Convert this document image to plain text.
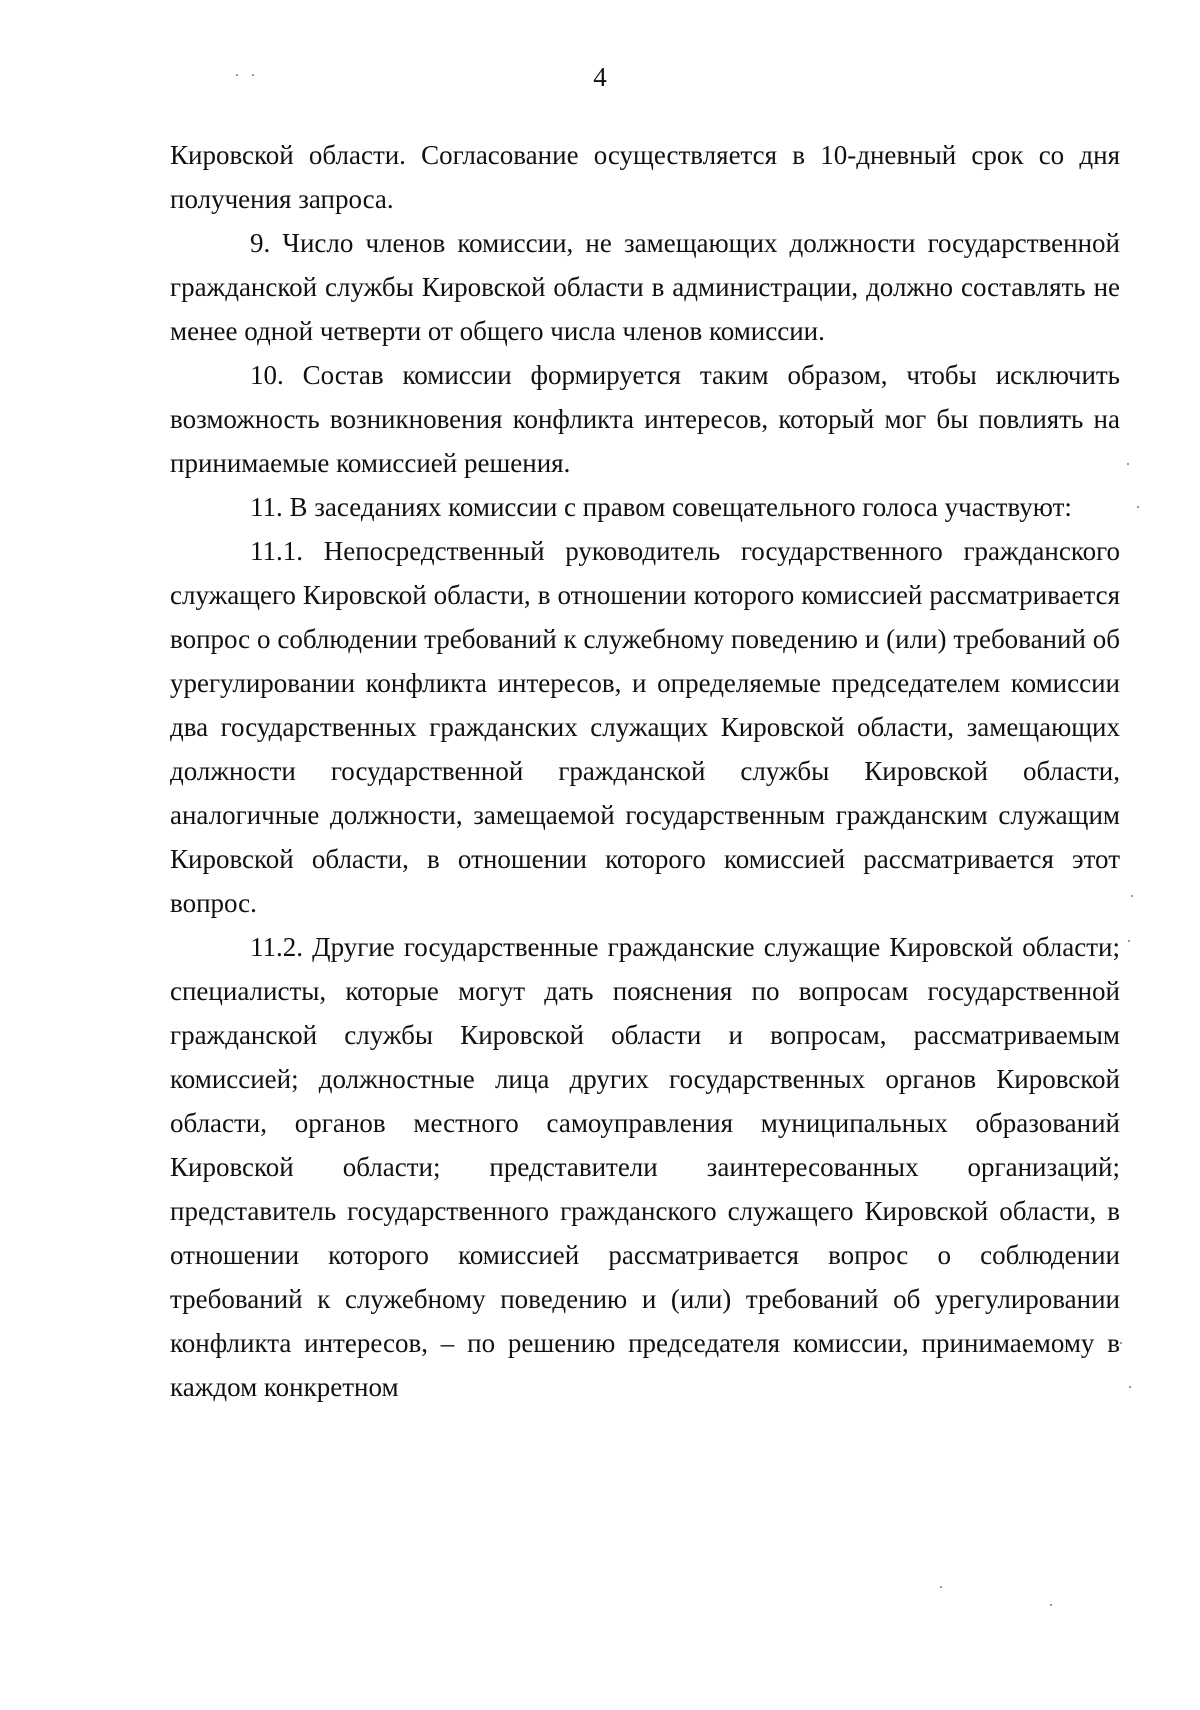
4

Кировской области. Согласование осуществляется в 10-дневный срок со дня получения запроса.

9. Число членов комиссии, не замещающих должности государственной гражданской службы Кировской области в администрации, должно составлять не менее одной четверти от общего числа членов комиссии.

10. Состав комиссии формируется таким образом, чтобы исключить возможность возникновения конфликта интересов, который мог бы повлиять на принимаемые комиссией решения.

11. В заседаниях комиссии с правом совещательного голоса участвуют:

11.1. Непосредственный руководитель государственного гражданского служащего Кировской области, в отношении которого комиссией рассматривается вопрос о соблюдении требований к служебному поведению и (или) требований об урегулировании конфликта интересов, и определяемые председателем комиссии два государственных гражданских служащих Кировской области, замещающих должности государственной гражданской службы Кировской области, аналогичные должности, замещаемой государственным гражданским служащим Кировской области, в отношении которого комиссией рассматривается этот вопрос.

11.2. Другие государственные гражданские служащие Кировской области; специалисты, которые могут дать пояснения по вопросам государственной гражданской службы Кировской области и вопросам, рассматриваемым комиссией; должностные лица других государственных органов Кировской области, органов местного самоуправления муниципальных образований Кировской области; представители заинтересованных организаций; представитель государственного гражданского служащего Кировской области, в отношении которого комиссией рассматривается вопрос о соблюдении требований к служебному поведению и (или) требований об урегулировании конфликта интересов, – по решению председателя комиссии, принимаемому в каждом конкретном
